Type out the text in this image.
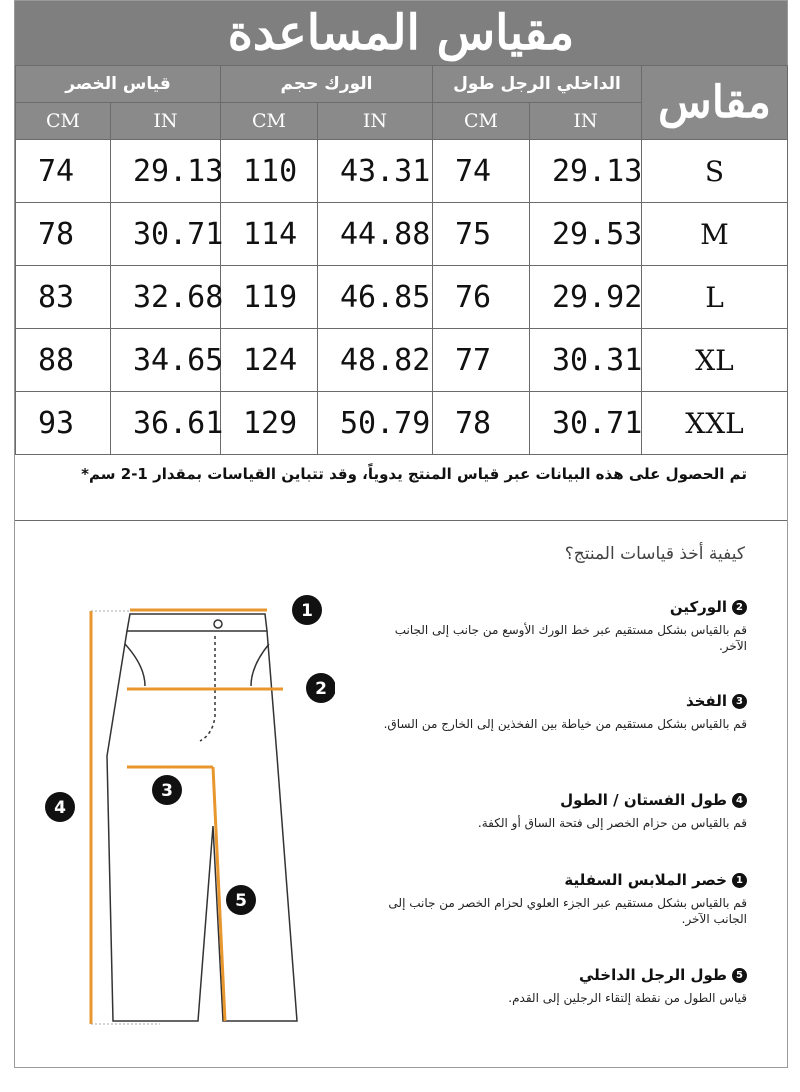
مقياس المساعدة
قياس الخصر		الورك حجم		الداخلي الرجل طول		مقاس
CM	IN	CM	IN	CM	IN	
74	29.13	110	43.31	74	29.13	S
78	30.71	114	44.88	75	29.53	M
83	32.68	119	46.85	76	29.92	L
88	34.65	124	48.82	77	30.31	XL
93	36.61	129	50.79	78	30.71	XXL
تم الحصول على هذه البيانات عبر قياس المنتج يدوياً، وقد تتباين القياسات بمقدار 1-2 سم*
كيفية أخذ قياسات المنتج؟
2
الوركين
قم بالقياس بشكل مستقيم عبر خط الورك الأوسع من جانب إلى الجانب الآخر.
3
الفخذ
قم بالقياس بشكل مستقيم من خياطة بين الفخذين إلى الخارج من الساق.
4
طول الفستان / الطول
قم بالقياس من حزام الخصر إلى فتحة الساق أو الكفة.
1
خصر الملابس السفلية
قم بالقياس بشكل مستقيم عبر الجزء العلوي لحزام الخصر من جانب إلى الجانب الآخر.
5
طول الرجل الداخلي
قياس الطول من نقطة إلتقاء الرجلين إلى القدم.
1
2
3
4
5
